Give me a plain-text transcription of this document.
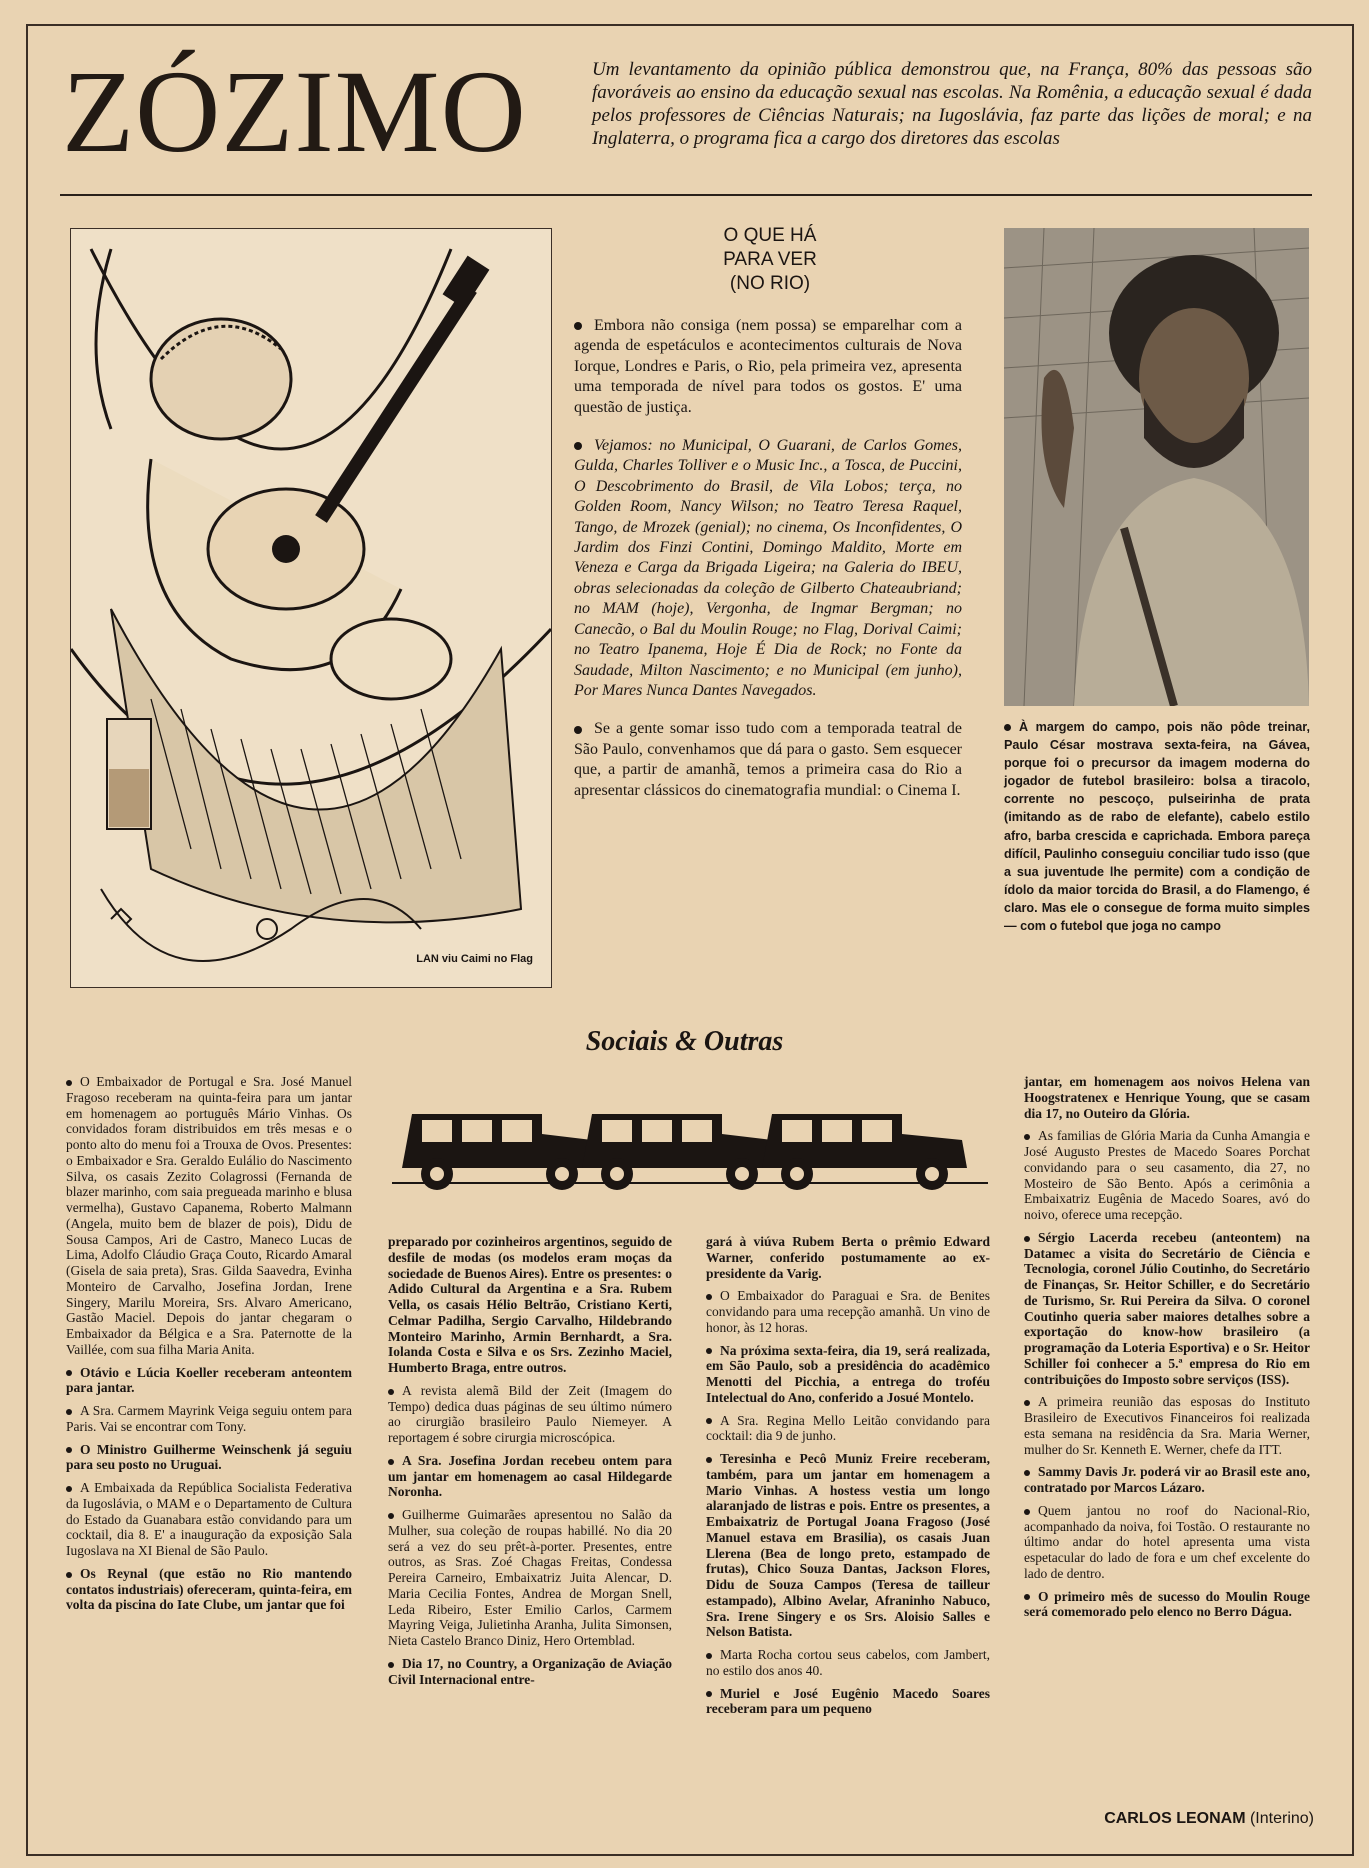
ZÓZIMO	Um levantamento da opinião pública demonstrou que, na França, 80% das pessoas são favoráveis ao ensino da educação sexual nas escolas. Na Romênia, a educação sexual é dada pelos professores de Ciências Naturais; na Iugoslávia, faz parte das lições de moral; e na Inglaterra, o programa fica a cargo dos diretores das escolas
LAN viu Caimi no Flag
O QUE HÁ
PARA VER
(NO RIO)

Embora não consiga (nem possa) se emparelhar com a agenda de espetáculos e acontecimentos culturais de Nova Iorque, Londres e Paris, o Rio, pela primeira vez, apresenta uma temporada de nível para todos os gostos. E' uma questão de justiça.

Vejamos: no Municipal, O Guarani, de Carlos Gomes, Gulda, Charles Tolliver e o Music Inc., a Tosca, de Puccini, O Descobrimento do Brasil, de Vila Lobos; terça, no Golden Room, Nancy Wilson; no Teatro Teresa Raquel, Tango, de Mrozek (genial); no cinema, Os Inconfidentes, O Jardim dos Finzi Contini, Domingo Maldito, Morte em Veneza e Carga da Brigada Ligeira; na Galeria do IBEU, obras selecionadas da coleção de Gilberto Chateaubriand; no MAM (hoje), Vergonha, de Ingmar Bergman; no Canecão, o Bal du Moulin Rouge; no Flag, Dorival Caimi; no Teatro Ipanema, Hoje É Dia de Rock; no Fonte da Saudade, Milton Nascimento; e no Municipal (em junho), Por Mares Nunca Dantes Navegados.

Se a gente somar isso tudo com a temporada teatral de São Paulo, convenhamos que dá para o gasto. Sem esquecer que, a partir de amanhã, temos a primeira casa do Rio a apresentar clássicos do cinematografia mundial: o Cinema I.

À margem do campo, pois não pôde treinar, Paulo César mostrava sexta-feira, na Gávea, porque foi o precursor da imagem moderna do jogador de futebol brasileiro: bolsa a tiracolo, corrente no pescoço, pulseirinha de prata (imitando as de rabo de elefante), cabelo estilo afro, barba crescida e caprichada. Embora pareça difícil, Paulinho conseguiu conciliar tudo isso (que a sua juventude lhe permite) com a condição de ídolo da maior torcida do Brasil, a do Flamengo, é claro. Mas ele o consegue de forma muito simples — com o futebol que joga no campo
Sociais & Outras

O Embaixador de Portugal e Sra. José Manuel Fragoso receberam na quinta-feira para um jantar em homenagem ao português Mário Vinhas. Os convidados foram distribuidos em três mesas e o ponto alto do menu foi a Trouxa de Ovos. Presentes: o Embaixador e Sra. Geraldo Eulálio do Nascimento Silva, os casais Zezito Colagrossi (Fernanda de blazer marinho, com saia pregueada marinho e blusa vermelha), Gustavo Capanema, Roberto Malmann (Angela, muito bem de blazer de pois), Didu de Sousa Campos, Ari de Castro, Maneco Lucas de Lima, Adolfo Cláudio Graça Couto, Ricardo Amaral (Gisela de saia preta), Sras. Gilda Saavedra, Evinha Monteiro de Carvalho, Josefina Jordan, Irene Singery, Marilu Moreira, Srs. Alvaro Americano, Gastão Maciel. Depois do jantar chegaram o Embaixador da Bélgica e a Sra. Paternotte de la Vaillée, com sua filha Maria Anita.

Otávio e Lúcia Koeller receberam anteontem para jantar.

A Sra. Carmem Mayrink Veiga seguiu ontem para Paris. Vai se encontrar com Tony.

O Ministro Guilherme Weinschenk já seguiu para seu posto no Uruguai.

A Embaixada da República Socialista Federativa da Iugoslávia, o MAM e o Departamento de Cultura do Estado da Guanabara estão convidando para um cocktail, dia 8. E' a inauguração da exposição Sala Iugoslava na XI Bienal de São Paulo.

Os Reynal (que estão no Rio mantendo contatos industriais) ofereceram, quinta-feira, em volta da piscina do Iate Clube, um jantar que foi

preparado por cozinheiros argentinos, seguido de desfile de modas (os modelos eram moças da sociedade de Buenos Aires). Entre os presentes: o Adido Cultural da Argentina e a Sra. Rubem Vella, os casais Hélio Beltrão, Cristiano Kerti, Celmar Padilha, Sergio Carvalho, Hildebrando Monteiro Marinho, Armin Bernhardt, a Sra. Iolanda Costa e Silva e os Srs. Zezinho Maciel, Humberto Braga, entre outros.

A revista alemã Bild der Zeit (Imagem do Tempo) dedica duas páginas de seu último número ao cirurgião brasileiro Paulo Niemeyer. A reportagem é sobre cirurgia microscópica.

A Sra. Josefina Jordan recebeu ontem para um jantar em homenagem ao casal Hildegarde Noronha.

Guilherme Guimarães apresentou no Salão da Mulher, sua coleção de roupas habillé. No dia 20 será a vez do seu prêt-à-porter. Presentes, entre outros, as Sras. Zoé Chagas Freitas, Condessa Pereira Carneiro, Embaixatriz Juita Alencar, D. Maria Cecilia Fontes, Andrea de Morgan Snell, Leda Ribeiro, Ester Emilio Carlos, Carmem Mayring Veiga, Julietinha Aranha, Julita Simonsen, Nieta Castelo Branco Diniz, Hero Ortemblad.

Dia 17, no Country, a Organização de Aviação Civil Internacional entre-

gará à viúva Rubem Berta o prêmio Edward Warner, conferido postumamente ao ex-presidente da Varig.

O Embaixador do Paraguai e Sra. de Benites convidando para uma recepção amanhã. Un vino de honor, às 12 horas.

Na próxima sexta-feira, dia 19, será realizada, em São Paulo, sob a presidência do acadêmico Menotti del Picchia, a entrega do troféu Intelectual do Ano, conferido a Josué Montelo.

A Sra. Regina Mello Leitão convidando para cocktail: dia 9 de junho.

Teresinha e Pecô Muniz Freire receberam, também, para um jantar em homenagem a Mario Vinhas. A hostess vestia um longo alaranjado de listras e pois. Entre os presentes, a Embaixatriz de Portugal Joana Fragoso (José Manuel estava em Brasilia), os casais Juan Llerena (Bea de longo preto, estampado de frutas), Chico Souza Dantas, Jackson Flores, Didu de Souza Campos (Teresa de tailleur estampado), Albino Avelar, Afraninho Nabuco, Sra. Irene Singery e os Srs. Aloisio Salles e Nelson Batista.

Marta Rocha cortou seus cabelos, com Jambert, no estilo dos anos 40.

Muriel e José Eugênio Macedo Soares receberam para um pequeno

jantar, em homenagem aos noivos Helena van Hoogstratenex e Henrique Young, que se casam dia 17, no Outeiro da Glória.

As familias de Glória Maria da Cunha Amangia e José Augusto Prestes de Macedo Soares Porchat convidando para o seu casamento, dia 27, no Mosteiro de São Bento. Após a cerimônia a Embaixatriz Eugênia de Macedo Soares, avó do noivo, oferece uma recepção.

Sérgio Lacerda recebeu (anteontem) na Datamec a visita do Secretário de Ciência e Tecnologia, coronel Júlio Coutinho, do Secretário de Finanças, Sr. Heitor Schiller, e do Secretário de Turismo, Sr. Rui Pereira da Silva. O coronel Coutinho queria saber maiores detalhes sobre a exportação do know-how brasileiro (a programação da Loteria Esportiva) e o Sr. Heitor Schiller foi conhecer a 5.ª empresa do Rio em contribuições do Imposto sobre serviços (ISS).

A primeira reunião das esposas do Instituto Brasileiro de Executivos Financeiros foi realizada esta semana na residência da Sra. Maria Werner, mulher do Sr. Kenneth E. Werner, chefe da ITT.

Sammy Davis Jr. poderá vir ao Brasil este ano, contratado por Marcos Lázaro.

Quem jantou no roof do Nacional-Rio, acompanhado da noiva, foi Tostão. O restaurante no último andar do hotel apresenta uma vista espetacular do lado de fora e um chef excelente do lado de dentro.

O primeiro mês de sucesso do Moulin Rouge será comemorado pelo elenco no Berro Dágua.

CARLOS LEONAM (Interino)
